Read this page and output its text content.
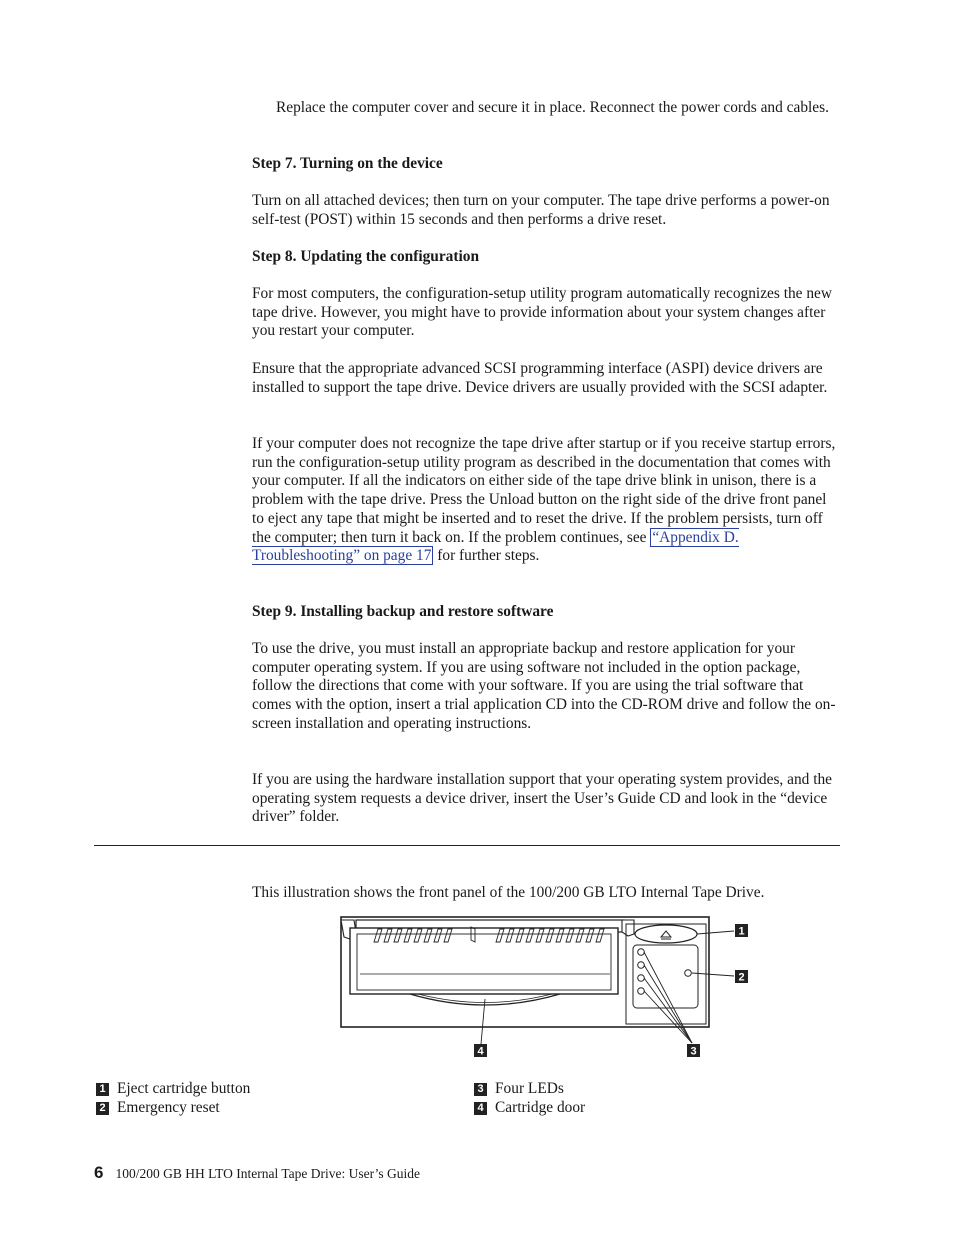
Replace the computer cover and secure it in place. Reconnect the power cords and cables.

Step 7. Turning on the device

Turn on all attached devices; then turn on your computer. The tape drive performs a power-on self-test (POST) within 15 seconds and then performs a drive reset.

Step 8. Updating the configuration

For most computers, the configuration-setup utility program automatically recognizes the new tape drive. However, you might have to provide information about your system changes after you restart your computer.

Ensure that the appropriate advanced SCSI programming interface (ASPI) device drivers are installed to support the tape drive. Device drivers are usually provided with the SCSI adapter.

If your computer does not recognize the tape drive after startup or if you receive startup errors, run the configuration-setup utility program as described in the documentation that comes with your computer. If all the indicators on either side of the tape drive blink in unison, there is a problem with the tape drive. Press the Unload button on the right side of the drive front panel to eject any tape that might be inserted and to reset the drive. If the problem persists, turn off the computer; then turn it back on. If the problem continues, see “Appendix D. Troubleshooting” on page 17 for further steps.

Step 9. Installing backup and restore software

To use the drive, you must install an appropriate backup and restore application for your computer operating system. If you are using software not included in the option package, follow the directions that come with your software. If you are using the trial software that comes with the option, insert a trial application CD into the CD-ROM drive and follow the on-screen installation and operating instructions.

If you are using the hardware installation support that your operating system provides, and the operating system requests a device driver, insert the User’s Guide CD and look in the “device driver” folder.

This illustration shows the front panel of the 100/200 GB LTO Internal Tape Drive.

1
2
3
4
1 Eject cartridge button
2 Emergency reset
3 Four LEDs
4 Cartridge door
6 100/200 GB HH LTO Internal Tape Drive: User’s Guide
